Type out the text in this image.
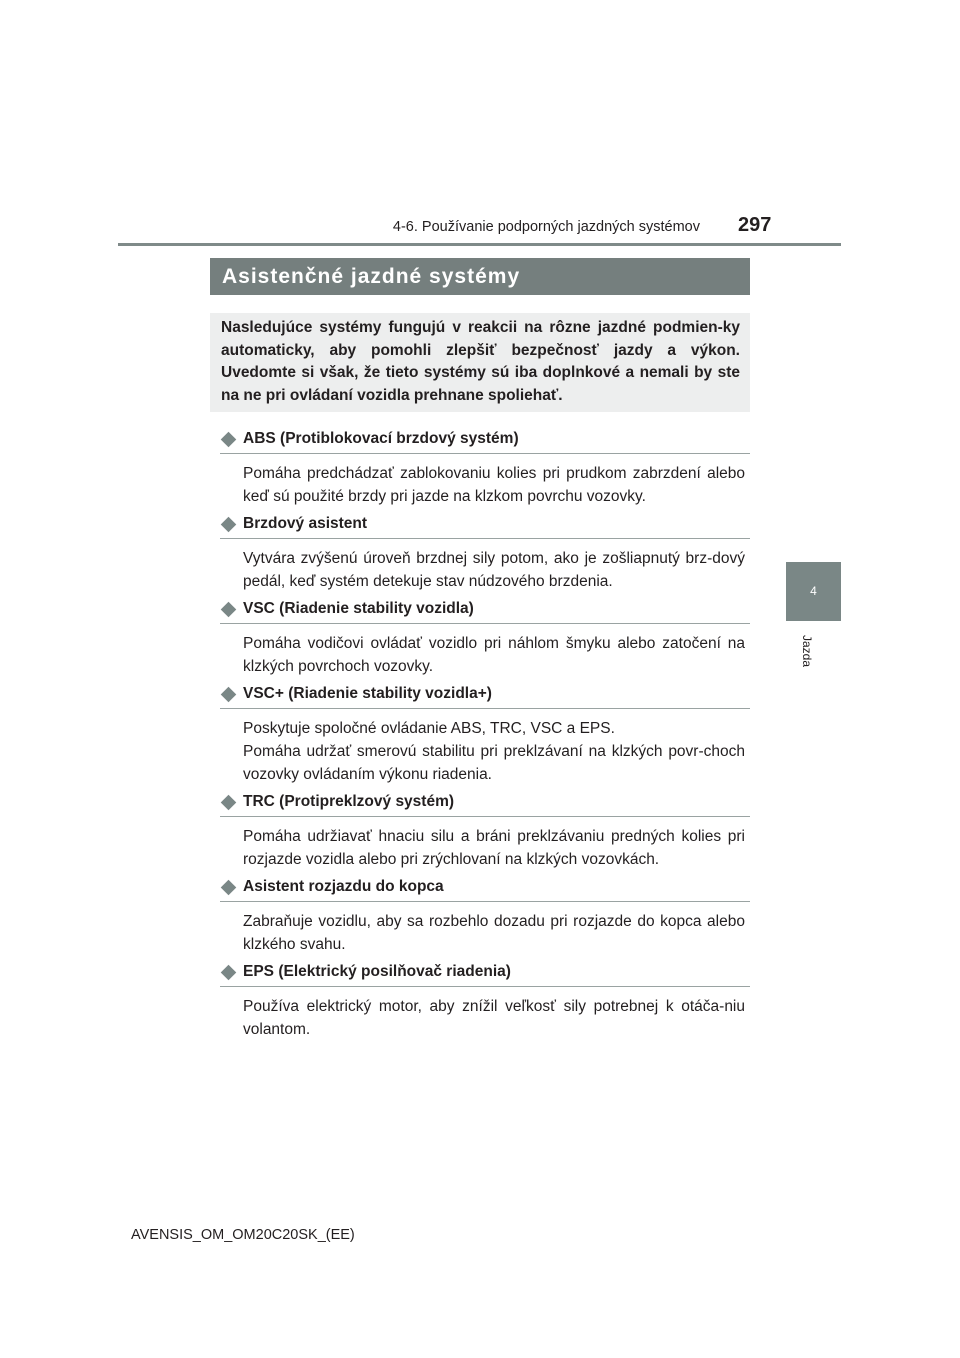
4-6. Používanie podporných jazdných systémov 297
4
Jazda
Asistenčné jazdné systémy
Nasledujúce systémy fungujú v reakcii na rôzne jazdné podmien-ky automaticky, aby pomohli zlepšiť bezpečnosť jazdy a výkon. Uvedomte si však, že tieto systémy sú iba doplnkové a nemali by ste na ne pri ovládaní vozidla prehnane spoliehať.
ABS (Protiblokovací brzdový systém)
Pomáha predchádzať zablokovaniu kolies pri prudkom zabrzdení alebo keď sú použité brzdy pri jazde na klzkom povrchu vozovky.
Brzdový asistent
Vytvára zvýšenú úroveň brzdnej sily potom, ako je zošliapnutý brz-dový pedál, keď systém detekuje stav núdzového brzdenia.
VSC (Riadenie stability vozidla)
Pomáha vodičovi ovládať vozidlo pri náhlom šmyku alebo zatočení na klzkých povrchoch vozovky.
VSC+ (Riadenie stability vozidla+)
Poskytuje spoločné ovládanie ABS, TRC, VSC a EPS.
Pomáha udržať smerovú stabilitu pri preklzávaní na klzkých povr-choch vozovky ovládaním výkonu riadenia.
TRC (Protipreklzový systém)
Pomáha udržiavať hnaciu silu a bráni preklzávaniu predných kolies pri rozjazde vozidla alebo pri zrýchlovaní na klzkých vozovkách.
Asistent rozjazdu do kopca
Zabraňuje vozidlu, aby sa rozbehlo dozadu pri rozjazde do kopca alebo klzkého svahu.
EPS (Elektrický posilňovač riadenia)
Používa elektrický motor, aby znížil veľkosť sily potrebnej k otáča-niu volantom.
AVENSIS_OM_OM20C20SK_(EE)
